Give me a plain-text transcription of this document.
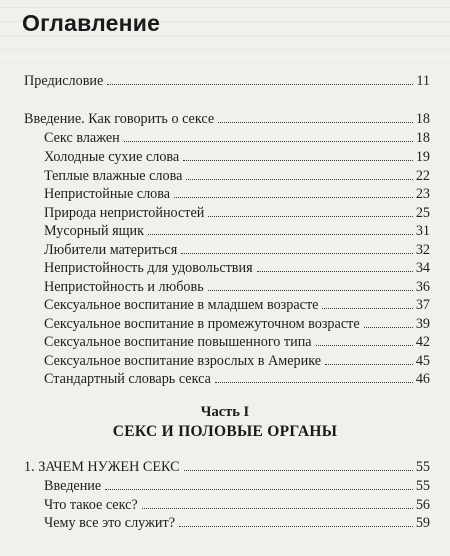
Оглавление
Предисловие	11
Введение. Как говорить о сексе	18
Секс влажен	18
Холодные сухие слова	19
Теплые влажные слова	22
Непристойные слова	23
Природа непристойностей	25
Мусорный ящик	31
Любители материться	32
Непристойность для удовольствия	34
Непристойность и любовь	36
Сексуальное воспитание в младшем возрасте	37
Сексуальное воспитание в промежуточном возрасте	39
Сексуальное воспитание повышенного типа	42
Сексуальное воспитание взрослых в Америке	45
Стандартный словарь секса	46
Часть I
СЕКС И ПОЛОВЫЕ ОРГАНЫ
1. ЗАЧЕМ НУЖЕН СЕКС	55
Введение	55
Что такое секс?	56
Чему все это служит?	59
